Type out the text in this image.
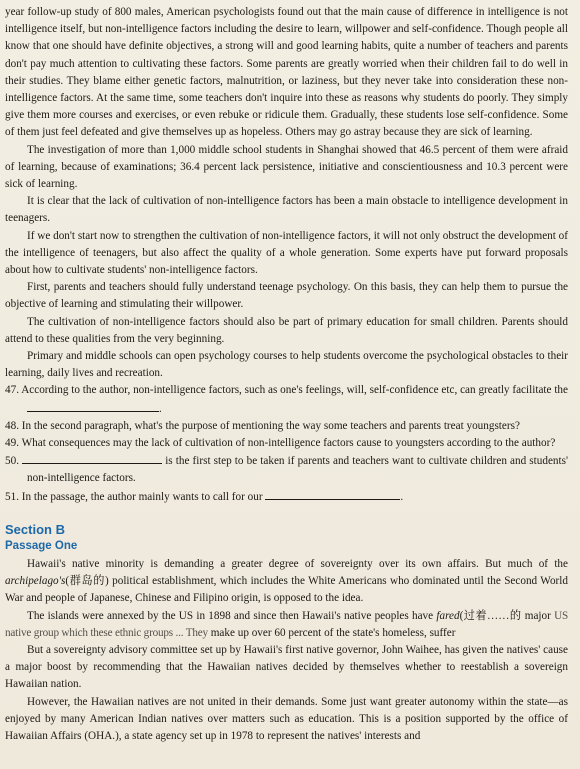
year follow-up study of 800 males, American psychologists found out that the main cause of difference in intelligence is not intelligence itself, but non-intelligence factors including the desire to learn, willpower and self-confidence. Though people all know that one should have definite objectives, a strong will and good learning habits, quite a number of teachers and parents don't pay much attention to cultivating these factors. Some parents are greatly worried when their children fail to do well in their studies. They blame either genetic factors, malnutrition, or laziness, but they never take into consideration these non-intelligence factors. At the same time, some teachers don't inquire into these as reasons why students do poorly. They simply give them more courses and exercises, or even rebuke or ridicule them. Gradually, these students lose self-confidence. Some of them just feel defeated and give themselves up as hopeless. Others may go astray because they are sick of learning.

The investigation of more than 1,000 middle school students in Shanghai showed that 46.5 percent of them were afraid of learning, because of examinations; 36.4 percent lack persistence, initiative and conscientiousness and 10.3 percent were sick of learning.

It is clear that the lack of cultivation of non-intelligence factors has been a main obstacle to intelligence development in teenagers.

If we don't start now to strengthen the cultivation of non-intelligence factors, it will not only obstruct the development of the intelligence of teenagers, but also affect the quality of a whole generation. Some experts have put forward proposals about how to cultivate students' non-intelligence factors.

First, parents and teachers should fully understand teenage psychology. On this basis, they can help them to pursue the objective of learning and stimulating their willpower.

The cultivation of non-intelligence factors should also be part of primary education for small children. Parents should attend to these qualities from the very beginning.

Primary and middle schools can open psychology courses to help students overcome the psychological obstacles to their learning, daily lives and recreation.

47. According to the author, non-intelligence factors, such as one's feelings, will, self-confidence etc, can greatly facilitate the .

48. In the second paragraph, what's the purpose of mentioning the way some teachers and parents treat youngsters?

49. What consequences may the lack of cultivation of non-intelligence factors cause to youngsters according to the author?

50.	is the first step to be taken if parents and teachers want to cultivate children and students' non-intelligence factors.

51. In the passage, the author mainly wants to call for our	.

Section B
Passage One

Hawaii's native minority is demanding a greater degree of sovereignty over its own affairs. But much of the archipelago's(群岛的) political establishment, which includes the White Americans who dominated until the Second World War and people of Japanese, Chinese and Filipino origin, is opposed to the idea.

The islands were annexed by the US in 1898 and since then Hawaii's native peoples have fared(过着……的 major US native group which these ethnic groups ... They make up over 60 percent of the state's homeless, suffer

But a sovereignty advisory committee set up by Hawaii's first native governor, John Waihee, has given the natives' cause a major boost by recommending that the Hawaiian natives decided by themselves whether to reestablish a sovereign Hawaiian nation.

However, the Hawaiian natives are not united in their demands. Some just want greater autonomy within the state—as enjoyed by many American Indian natives over matters such as education. This is a position supported by the office of Hawaiian Affairs (OHA.), a state agency set up in 1978 to represent the natives' interests and
